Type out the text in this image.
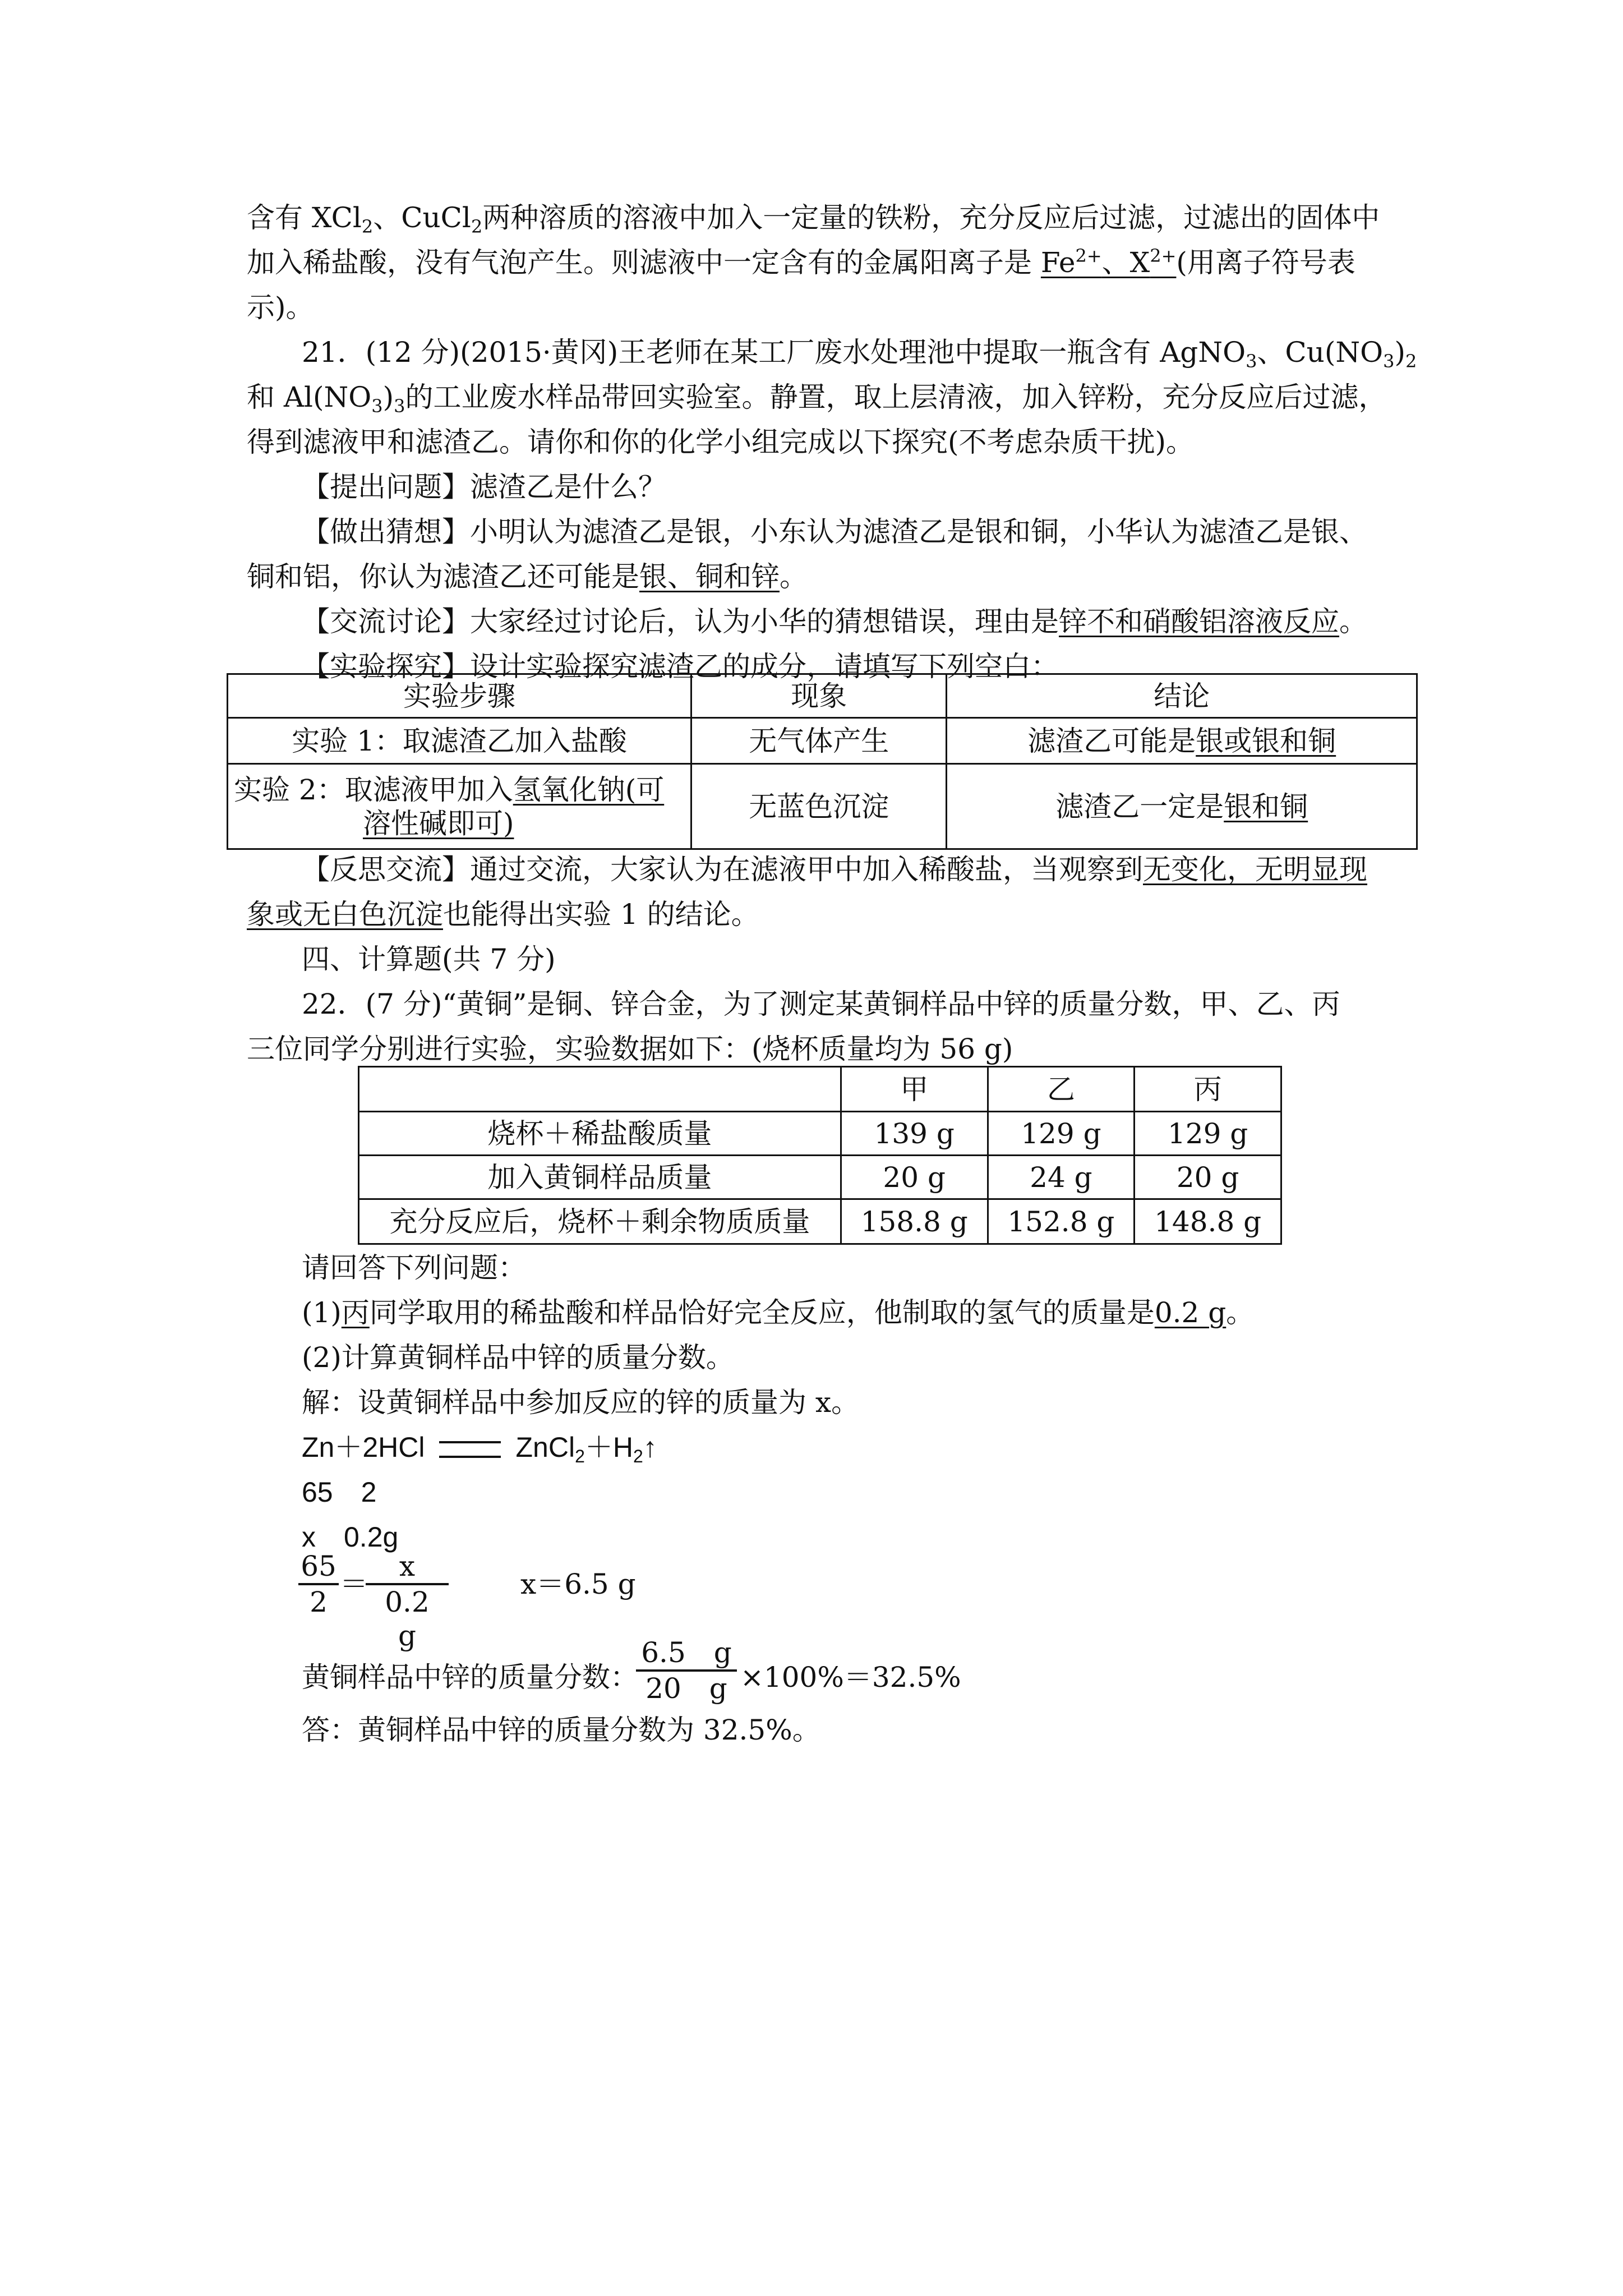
含有 XCl$_2$、CuCl$_2$两种溶质的溶液中加入一定量的铁粉，充分反应后过滤，过滤出的固体中
加入稀盐酸，没有气泡产生。则滤液中一定含有的金属阳离子是 $Fe^{2+}$、$X^{2+}$(用离子符号表
示)。
21．(12 分)(2015·黄冈)王老师在某工厂废水处理池中提取一瓶含有 AgNO$_3$、$Cu(NO_3)_2$
和 $Al(NO_3)_3$的工业废水样品带回实验室。静置，取上层清液，加入锌粉，充分反应后过滤，
得到滤液甲和滤渣乙。请你和你的化学小组完成以下探究(不考虑杂质干扰)。
【提出问题】滤渣乙是什么？
【做出猜想】小明认为滤渣乙是银，小东认为滤渣乙是银和铜，小华认为滤渣乙是银、
铜和铝，你认为滤渣乙还可能是银、铜和锌。
【交流讨论】大家经过讨论后，认为小华的猜想错误，理由是锌不和硝酸铝溶液反应。
【实验探究】设计实验探究滤渣乙的成分，请填写下列空白：
实验步骤	现象	结论
实验 1：取滤渣乙加入盐酸	无气体产生	滤渣乙可能是银或银和铜

实验 2：取滤液甲加入氢氧化钠(可
溶性碱即可)	无蓝色沉淀	滤渣乙一定是银和铜
【反思交流】通过交流，大家认为在滤液甲中加入稀酸盐，当观察到无变化，无明显现
象或无白色沉淀也能得出实验 1 的结论。
四、计算题(共 7 分)
22．(7 分)“黄铜”是铜、锌合金，为了测定某黄铜样品中锌的质量分数，甲、乙、丙
三位同学分别进行实验，实验数据如下：(烧杯质量均为 56 g)
	甲	乙	丙
烧杯＋稀盐酸质量	139 g	129 g	129 g
加入黄铜样品质量	20 g	24 g	20 g
充分反应后，烧杯＋剩余物质质量	158.8 g	152.8 g	148.8 g
请回答下列问题：
(1)丙同学取用的稀盐酸和样品恰好完全反应，他制取的氢气的质量是0.2 g。
(2)计算黄铜样品中锌的质量分数。
解：设黄铜样品中参加反应的锌的质量为 x。
Zn＋2HCl	$ZnCl_2+H_2↑$
65　2
x　0.2g
$\frac{65}{2}$ ＝
$\frac{x}{0.2 g}$	x＝6.5 g
黄铜样品中锌的质量分数：
$\frac{6.5 g}{20 g} \times 100\%=32.5\%$
答：黄铜样品中锌的质量分数为 32.5%。
